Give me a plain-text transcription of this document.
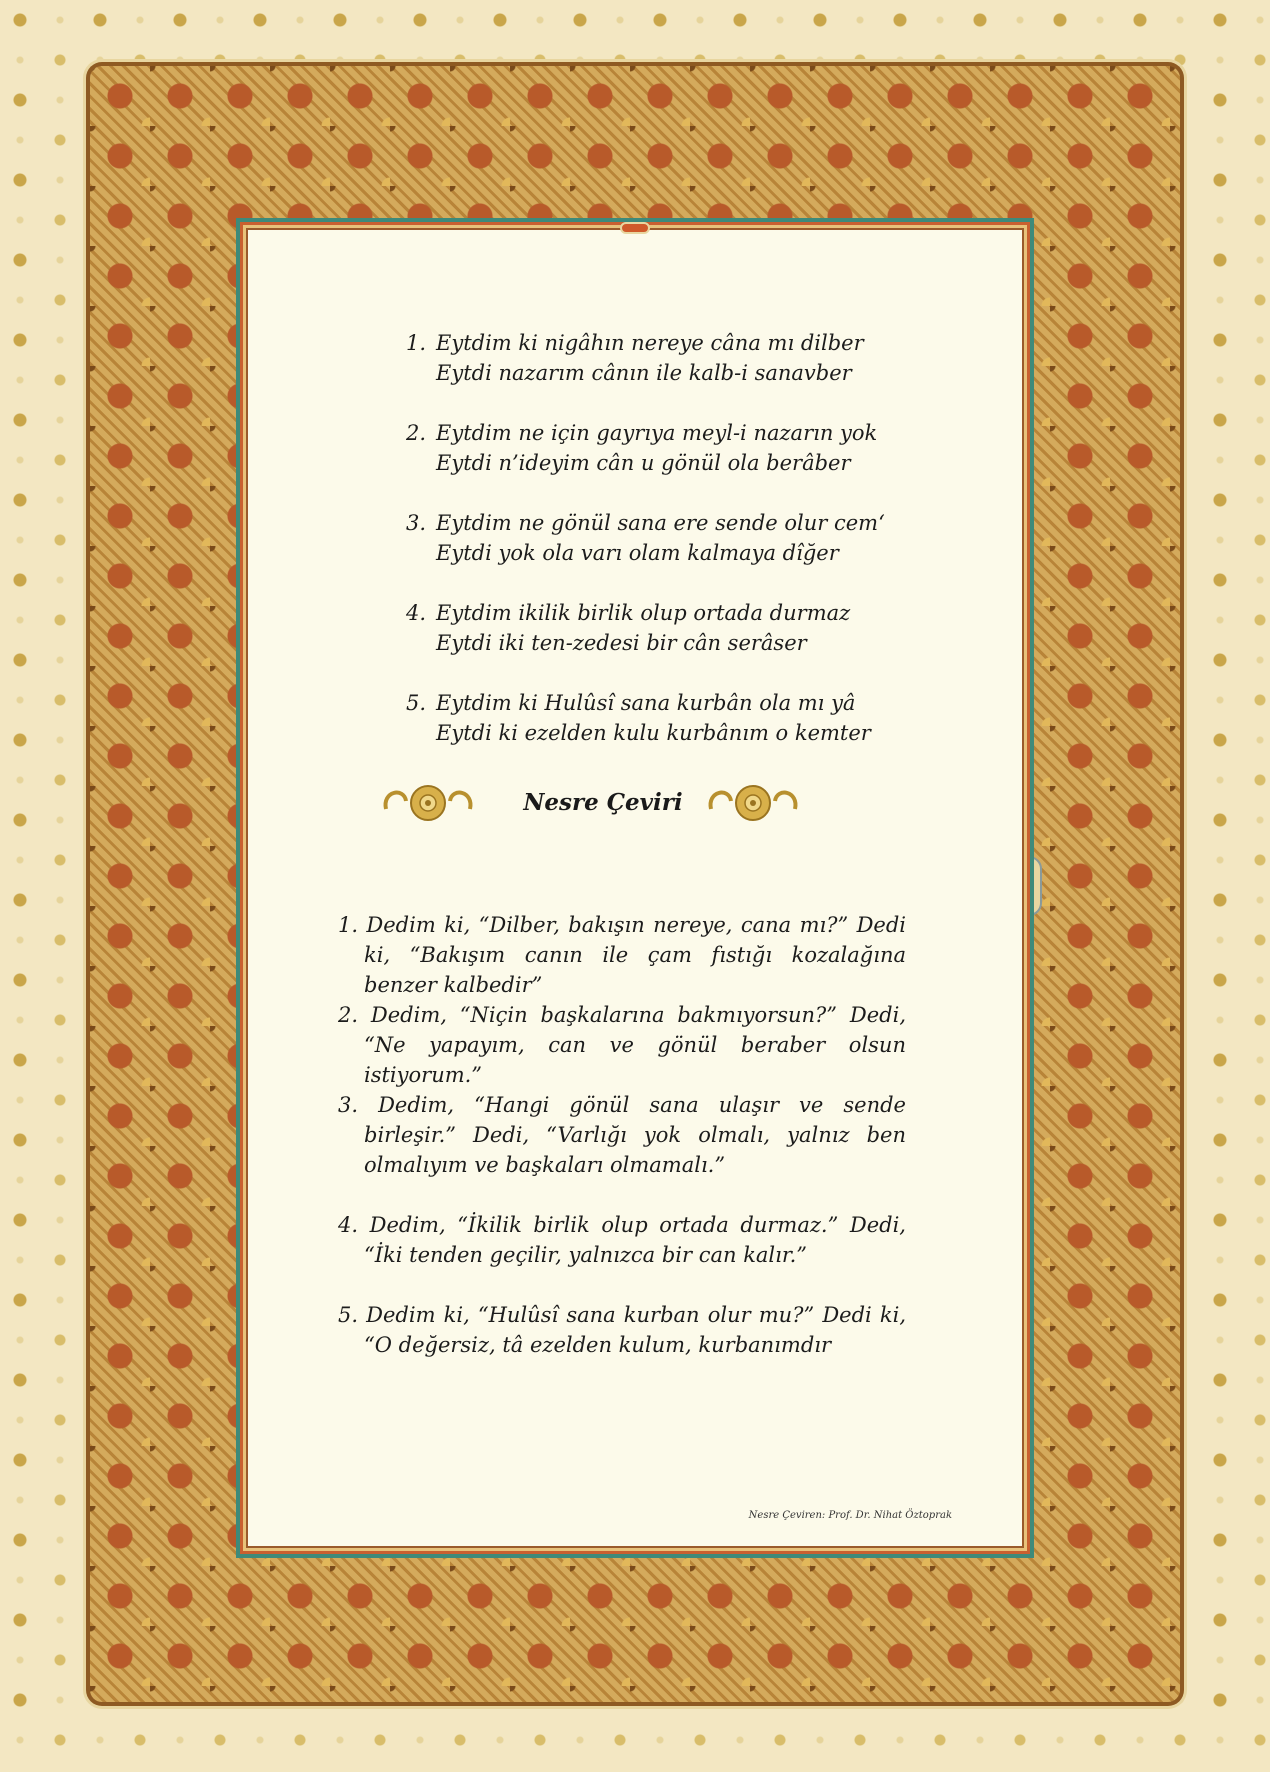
1. Eytdim ki nigâhın nereye câna mı dilber
Eytdi nazarım cânın ile kalb-i sanavber
2. Eytdim ne için gayrıya meyl-i nazarın yok
Eytdi n’ideyim cân u gönül ola berâber
3. Eytdim ne gönül sana ere sende olur cem‘
Eytdi yok ola varı olam kalmaya dîğer
4. Eytdim ikilik birlik olup ortada durmaz
Eytdi iki ten-zedesi bir cân serâser
5. Eytdim ki Hulûsî sana kurbân ola mı yâ
Eytdi ki ezelden kulu kurbânım o kemter
Nesre Çeviri

1. Dedim ki, “Dilber, bakışın nereye, cana mı?” Dedi ki, “Bakışım canın ile çam fıstığı kozalağına benzer kalbedir”

2. Dedim, “Niçin başkalarına bakmıyorsun?” Dedi, “Ne yapayım, can ve gönül beraber olsun istiyorum.”

3. Dedim, “Hangi gönül sana ulaşır ve sende birleşir.” Dedi, “Varlığı yok olmalı, yalnız ben olmalıyım ve başkaları olmamalı.”

4. Dedim, “İkilik birlik olup ortada durmaz.” Dedi, “İki tenden geçilir, yalnızca bir can kalır.”

5. Dedim ki, “Hulûsî sana kurban olur mu?” Dedi ki, “O değersiz, tâ ezelden kulum, kurbanımdır

Nesre Çeviren: Prof. Dr. Nihat Öztoprak
